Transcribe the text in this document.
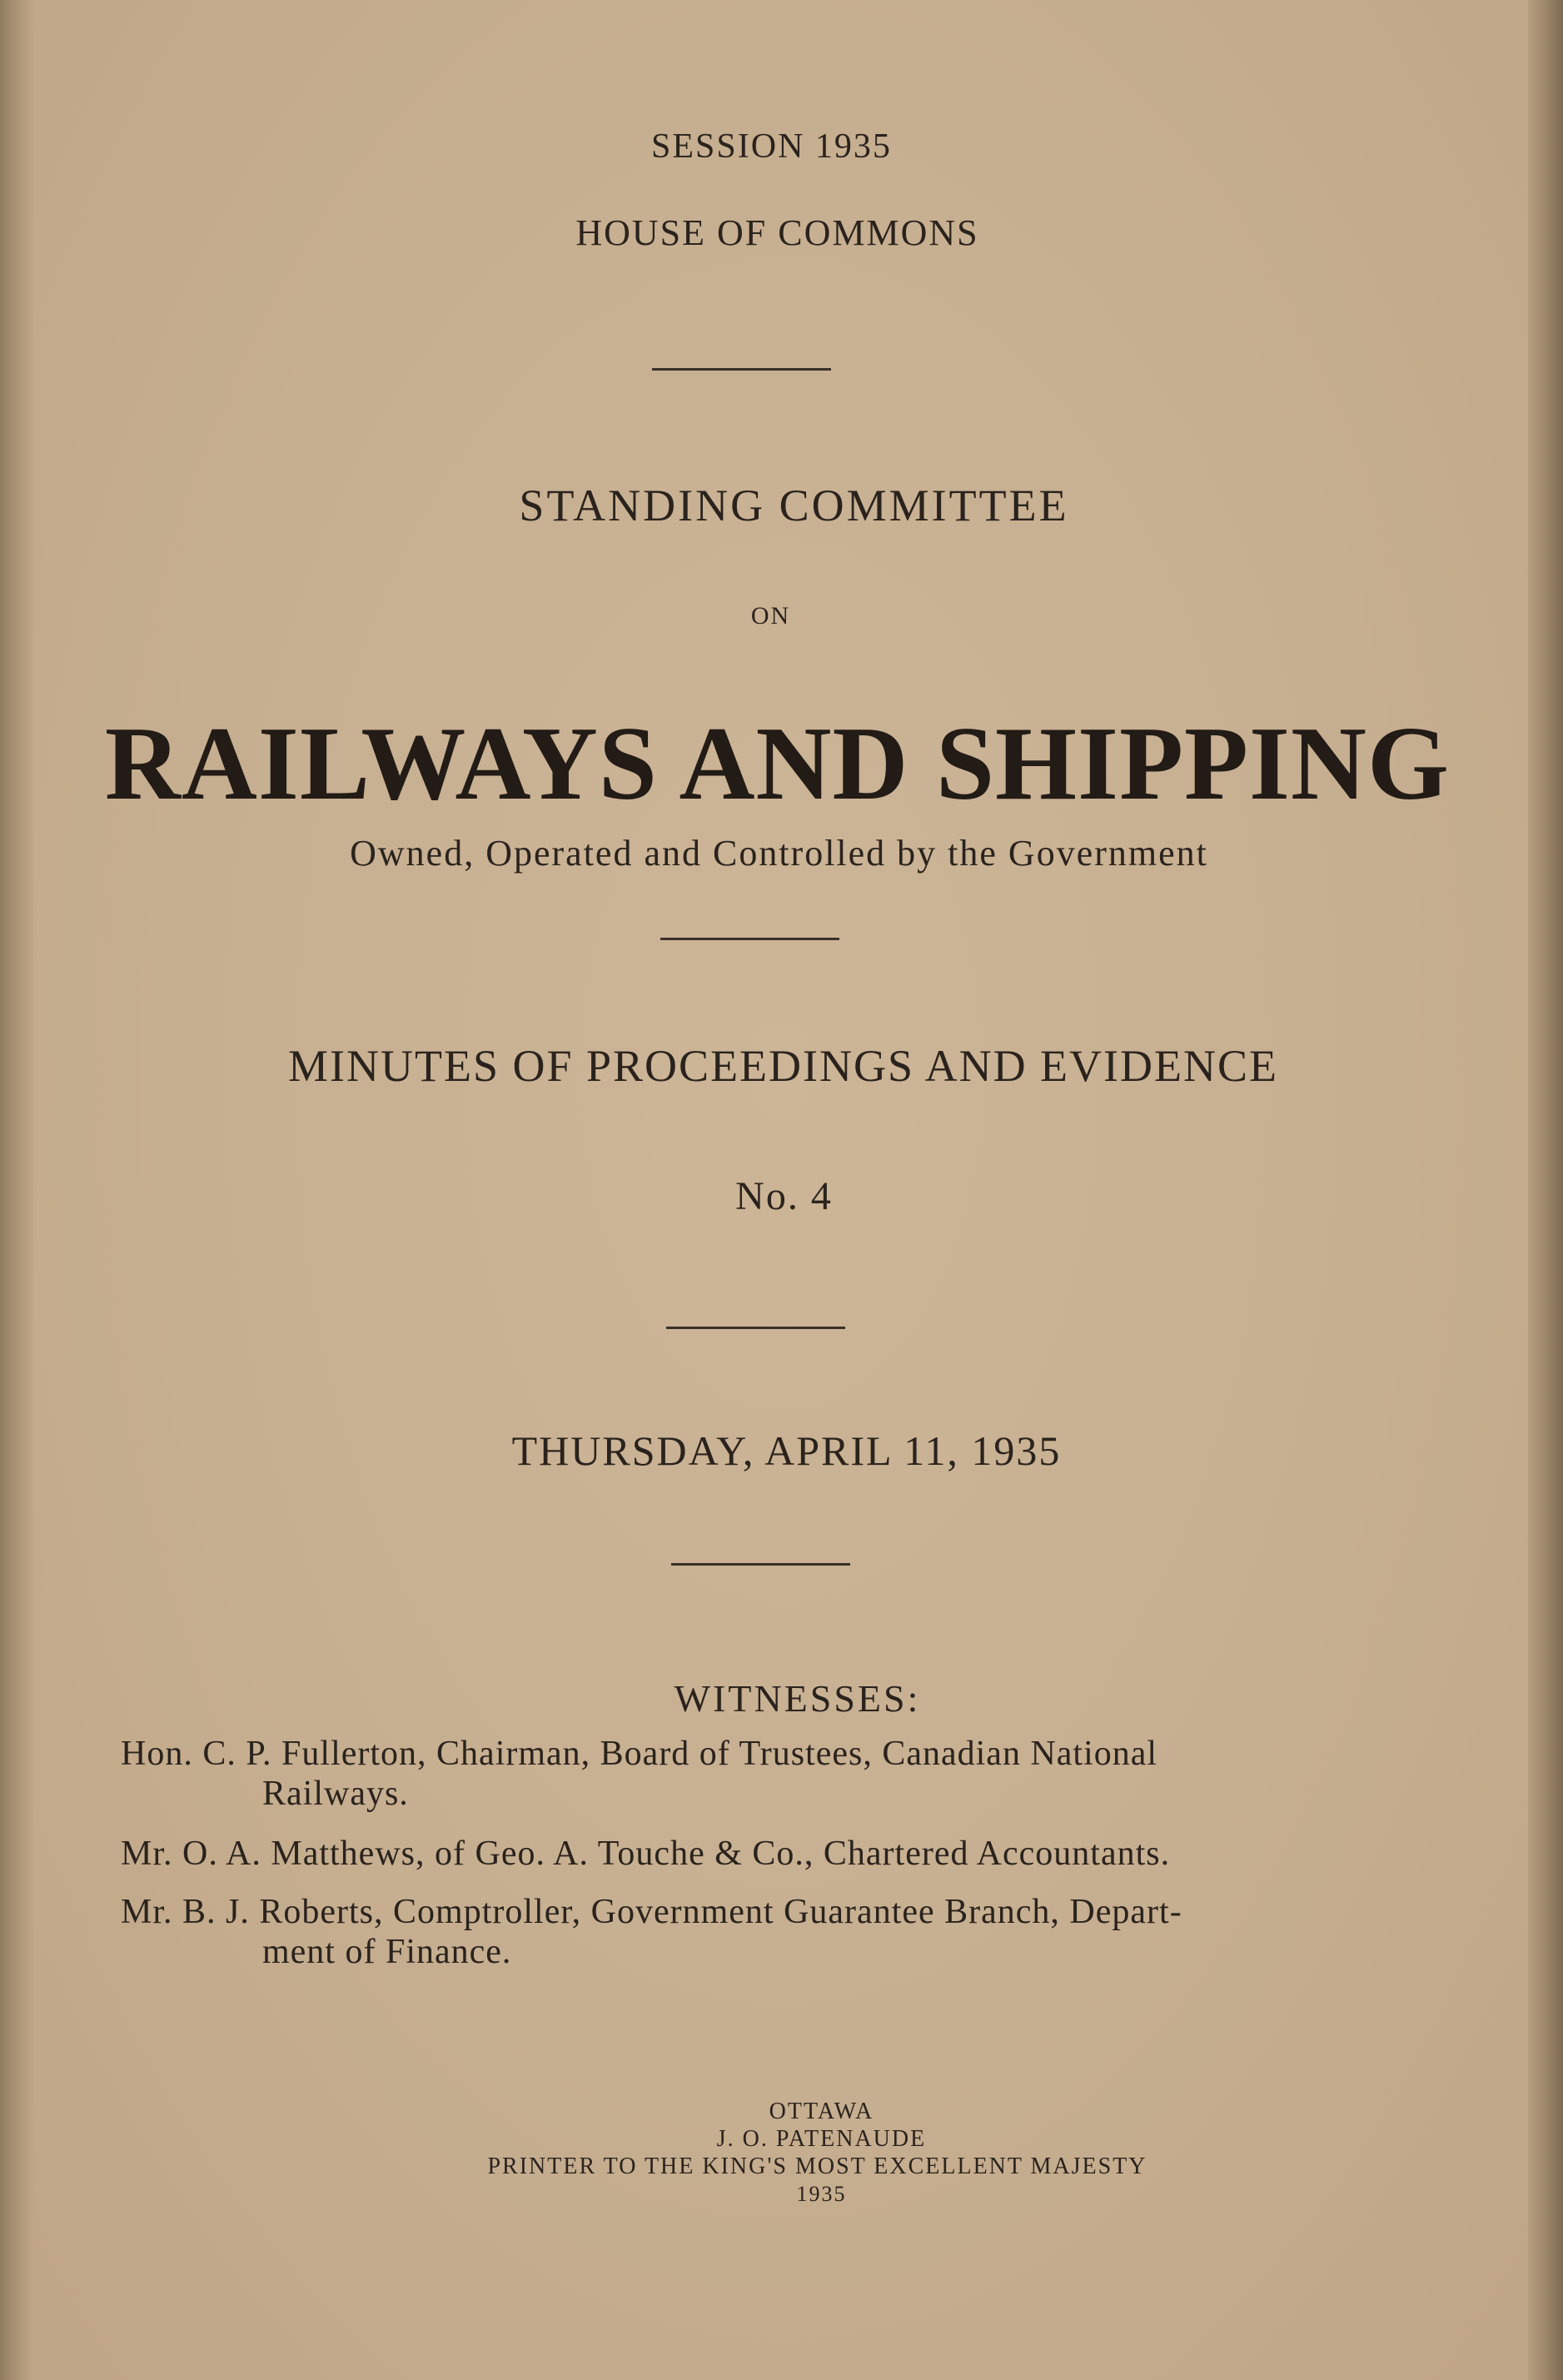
SESSION 1935
HOUSE OF COMMONS
STANDING COMMITTEE
ON
RAILWAYS AND SHIPPING
Owned, Operated and Controlled by the Government
MINUTES OF PROCEEDINGS AND EVIDENCE
No. 4
THURSDAY, APRIL 11, 1935
WITNESSES:
Hon. C. P. Fullerton, Chairman, Board of Trustees, Canadian National
Railways.
Mr. O. A. Matthews, of Geo. A. Touche & Co., Chartered Accountants.
Mr. B. J. Roberts, Comptroller, Government Guarantee Branch, Depart-
ment of Finance.
OTTAWA
J. O. PATENAUDE
PRINTER TO THE KING'S MOST EXCELLENT MAJESTY
1935
